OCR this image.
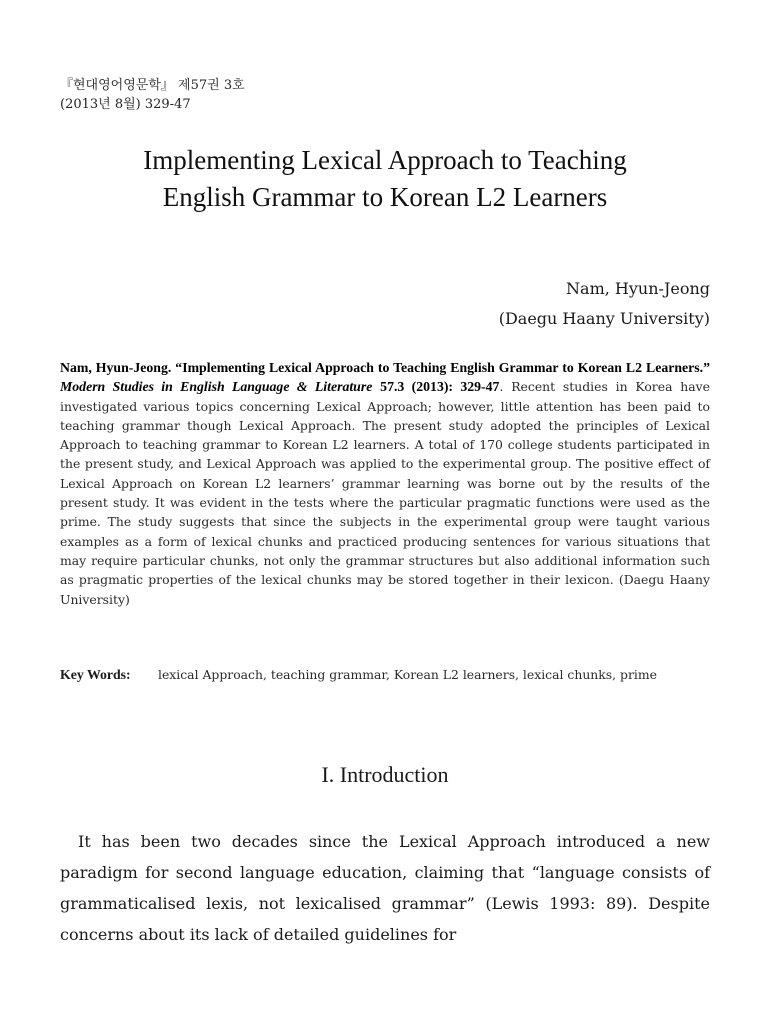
『현대영어영문학』 제57권 3호
(2013년 8월) 329-47
Implementing Lexical Approach to Teaching
English Grammar to Korean L2 Learners
Nam, Hyun-Jeong
(Daegu Haany University)
Nam, Hyun-Jeong. “Implementing Lexical Approach to Teaching English Grammar to Korean L2 Learners.” Modern Studies in English Language & Literature 57.3 (2013): 329-47. Recent studies in Korea have investigated various topics concerning Lexical Approach; however, little attention has been paid to teaching grammar though Lexical Approach. The present study adopted the principles of Lexical Approach to teaching grammar to Korean L2 learners. A total of 170 college students participated in the present study, and Lexical Approach was applied to the experimental group. The positive effect of Lexical Approach on Korean L2 learners’ grammar learning was borne out by the results of the present study. It was evident in the tests where the particular pragmatic functions were used as the prime. The study suggests that since the subjects in the experimental group were taught various examples as a form of lexical chunks and practiced producing sentences for various situations that may require particular chunks, not only the grammar structures but also additional information such as pragmatic properties of the lexical chunks may be stored together in their lexicon. (Daegu Haany University)
Key Words:	lexical Approach, teaching grammar, Korean L2 learners, lexical chunks, prime
I. Introduction
It has been two decades since the Lexical Approach introduced a new paradigm for second language education, claiming that “language consists of grammaticalised lexis, not lexicalised grammar” (Lewis 1993: 89). Despite concerns about its lack of detailed guidelines for
